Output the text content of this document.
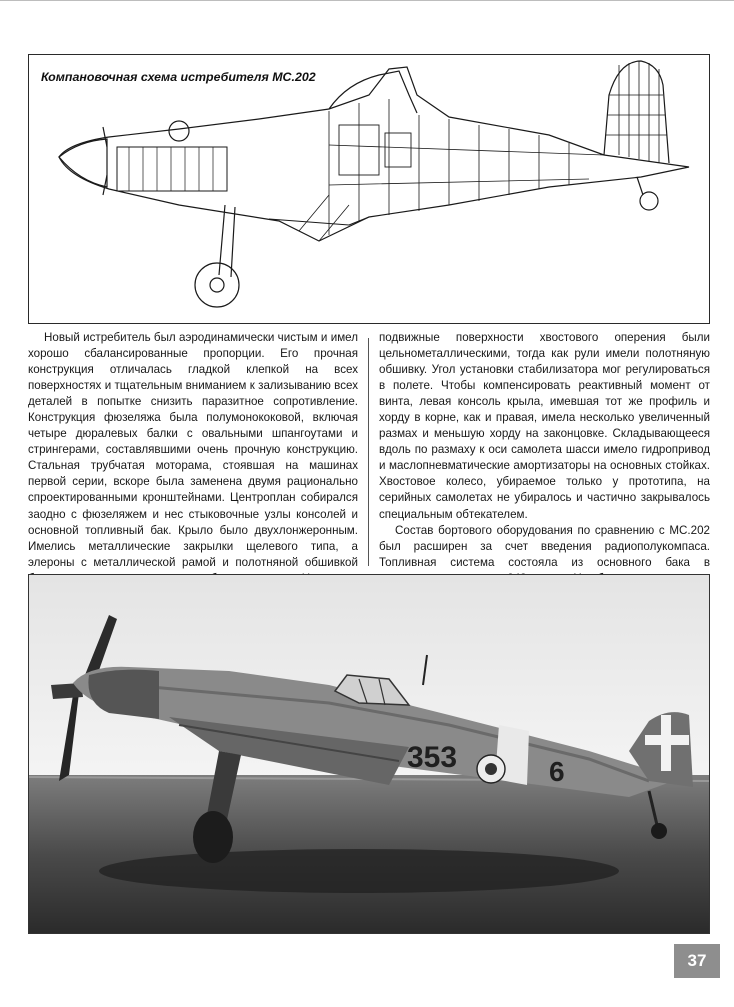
Компановочная схема истребителя MC.202

Новый истребитель был аэродинамически чистым и имел хорошо сбалансированные пропорции. Его прочная конструкция отличалась гладкой клепкой на всех поверхностях и тщательным вниманием к зализыванию всех деталей в попытке снизить паразитное сопротивление. Конструкция фюзеляжа была полумонококовой, включая четыре дюралевых балки с овальными шпангоутами и стрингерами, составлявшими очень прочную конструкцию. Стальная трубчатая моторама, стоявшая на машинах первой серии, вскоре была заменена двумя рационально спроектированными кронштейнами. Центроплан собирался заодно с фюзеляжем и нес стыковочные узлы консолей и основной топливный бак. Крыло было двухлонжеронным. Имелись металлические закрылки щелевого типа, а элероны с металлической рамой и полотняной обшивкой

подвижные поверхности хвостового оперения были цельнометаллическими, тогда как рули имели полотняную обшивку. Угол установки стабилизатора мог регулироваться в полете. Чтобы компенсировать реактивный момент от винта, левая консоль крыла, имевшая тот же профиль и хорду в корне, как и правая, имела несколько увеличенный размах и меньшую хорду на законцовке. Складывающееся вдоль по размаху к оси самолета шасси имело гидропривод и маслопневматические амортизаторы на основных стойках. Хвостовое колесо, убираемое только у прототипа, на серийных самолетах не убиралось и частично закрывалось специальным обтекателем.

Состав бортового оборудования по сравнению с MC.202 был расширен за счет введения радиополукомпаса. Топливная система состояла из основного бака в

353	6
37
